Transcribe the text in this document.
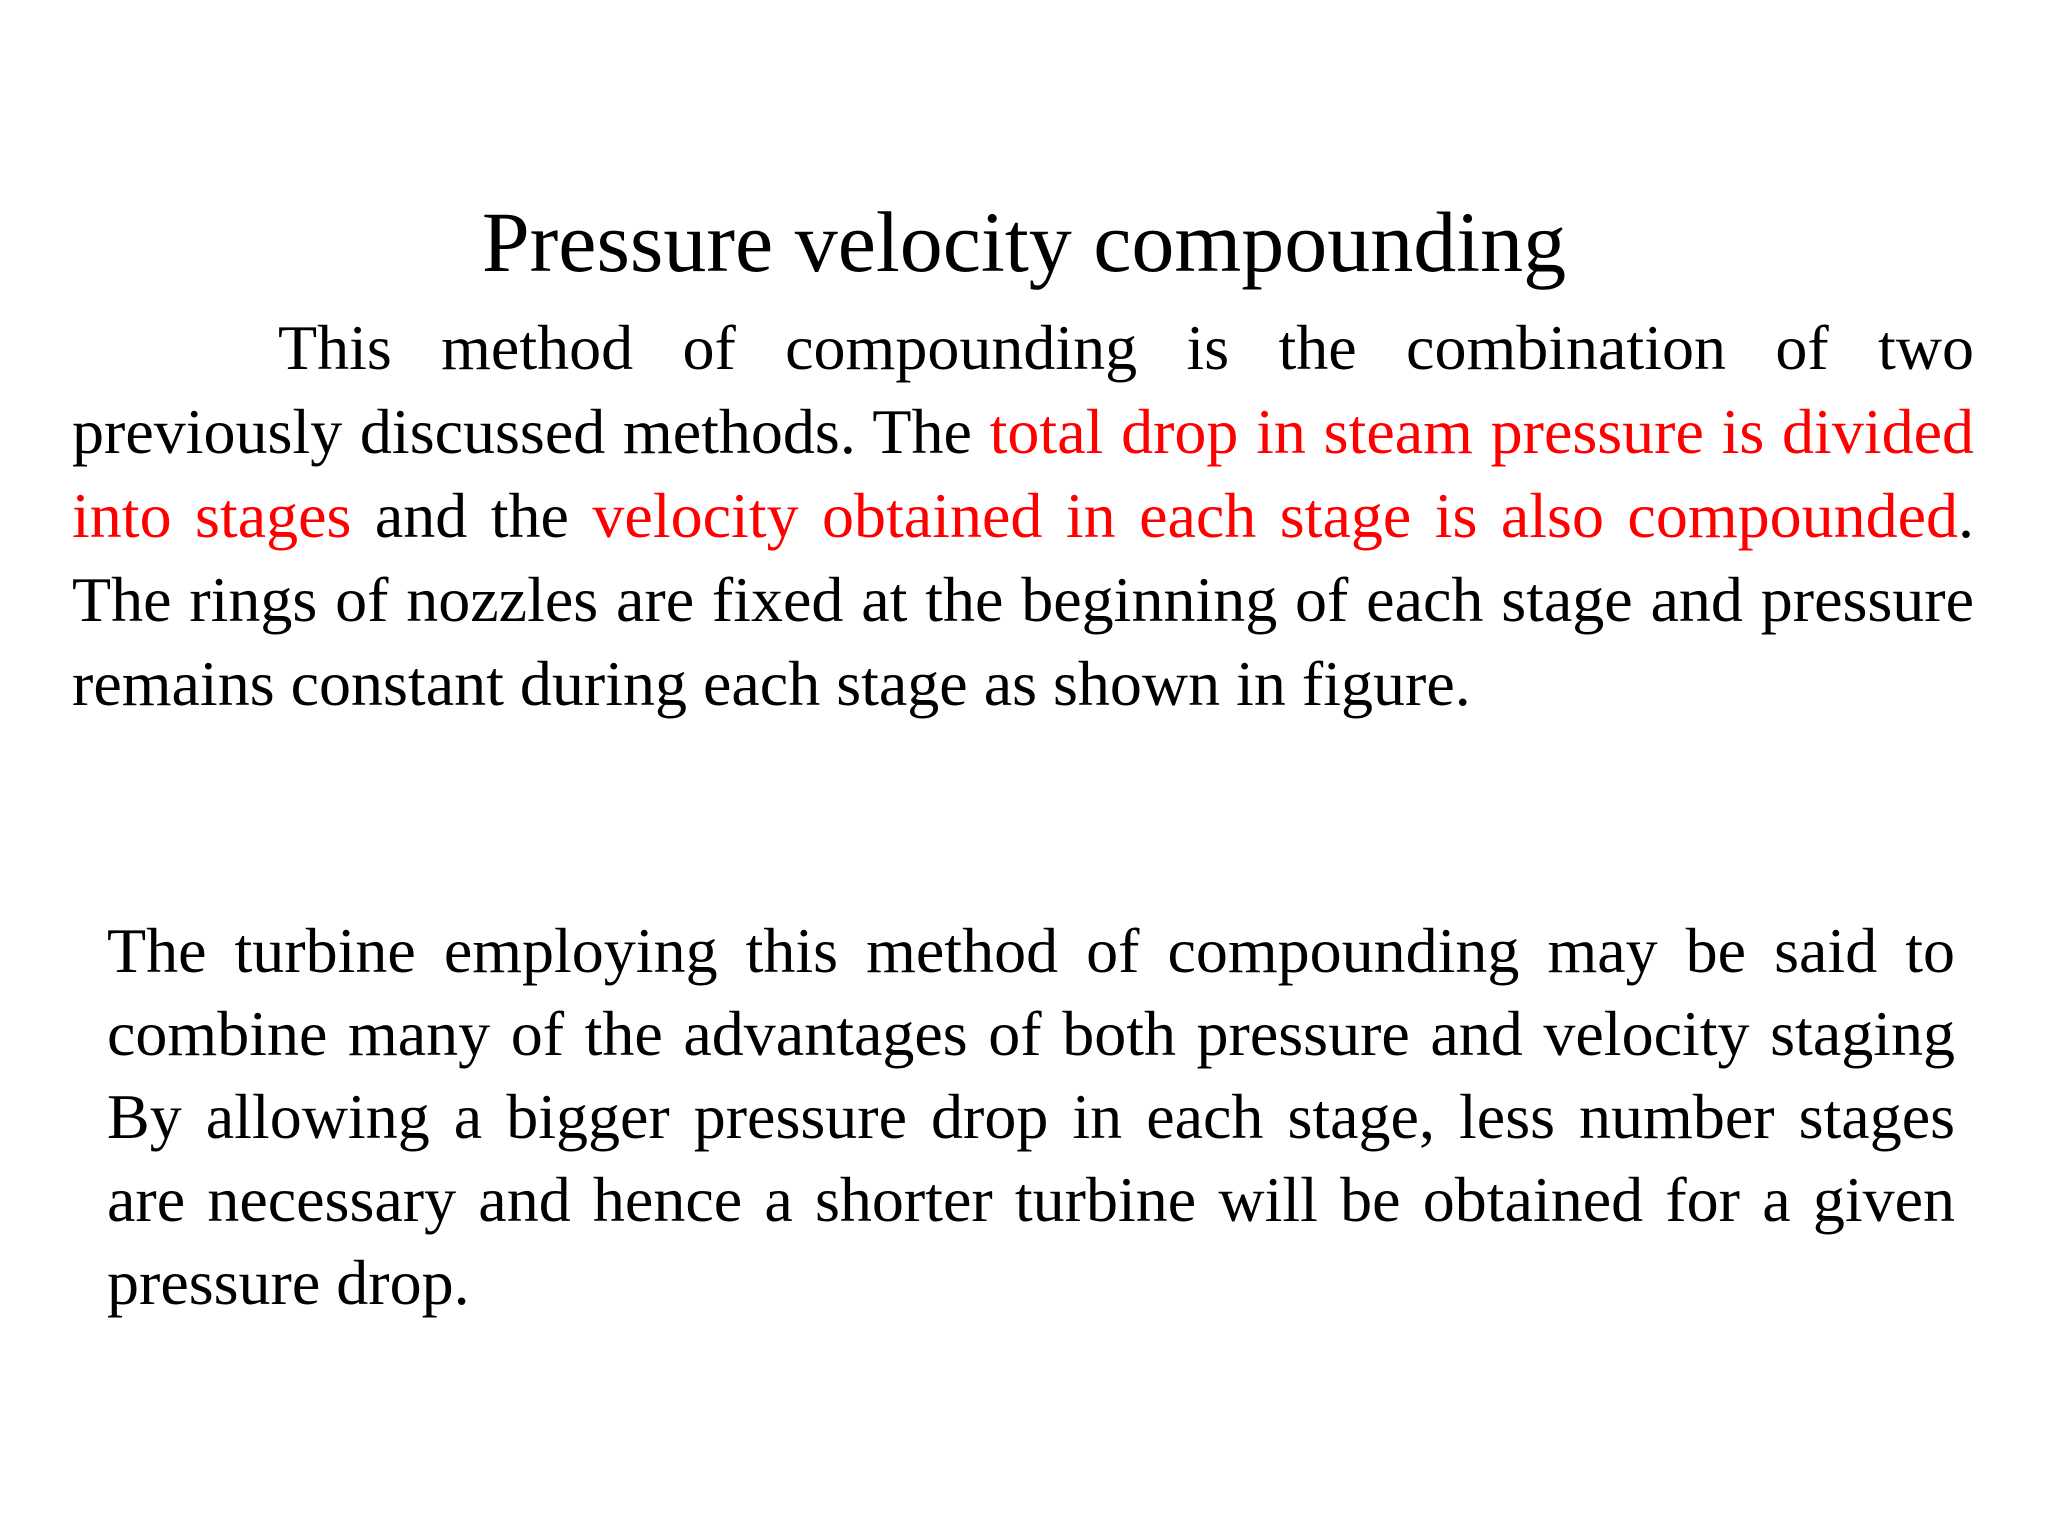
Pressure velocity compounding

This method of compounding is the combination of two previously discussed methods. The total drop in steam pressure is divided into stages and the velocity obtained in each stage is also compounded. The rings of nozzles are fixed at the beginning of each stage and pressure remains constant during each stage as shown in figure.

The turbine employing this method of compounding may be said to combine many of the advantages of both pressure and velocity staging By allowing a bigger pressure drop in each stage, less number stages are necessary and hence a shorter turbine will be obtained for a given pressure drop.
